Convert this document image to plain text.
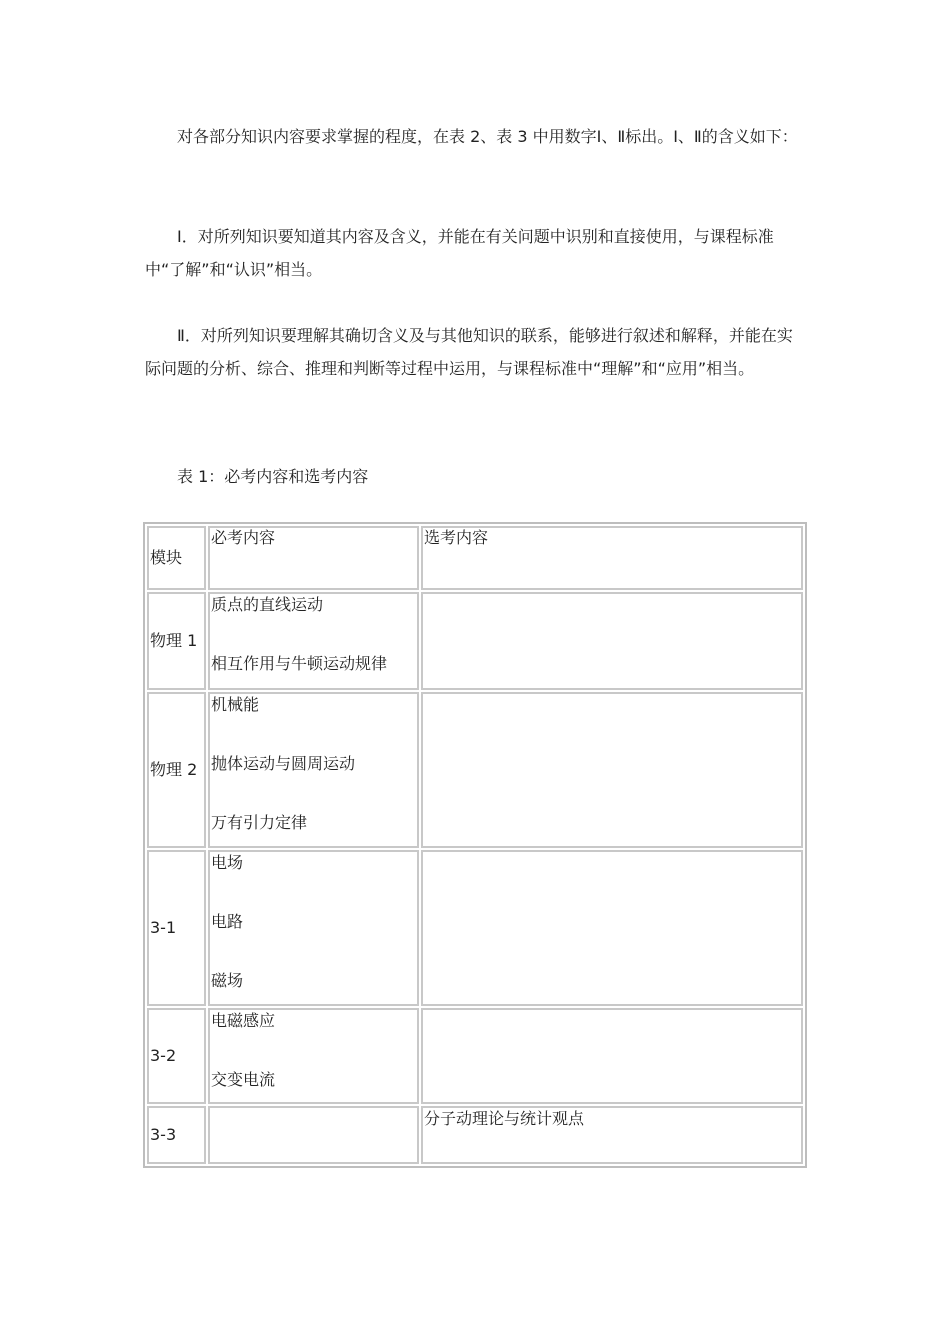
对各部分知识内容要求掌握的程度，在表 2、表 3 中用数字Ⅰ、Ⅱ标出。Ⅰ、Ⅱ的含义如下：

Ⅰ．对所列知识要知道其内容及含义，并能在有关问题中识别和直接使用，与课程标准中“了解”和“认识”相当。

Ⅱ．对所列知识要理解其确切含义及与其他知识的联系，能够进行叙述和解释，并能在实际问题的分析、综合、推理和判断等过程中运用，与课程标准中“理解”和“应用”相当。

表 1：必考内容和选考内容

模块	必考内容	选考内容
物理 1	质点的直线运动
相互作用与牛顿运动规律	

物理 2	机械能
抛体运动与圆周运动
万有引力定律	

3-1	电场
电路
磁场	

3-2	电磁感应
交变电流	

3-3		分子动理论与统计观点
